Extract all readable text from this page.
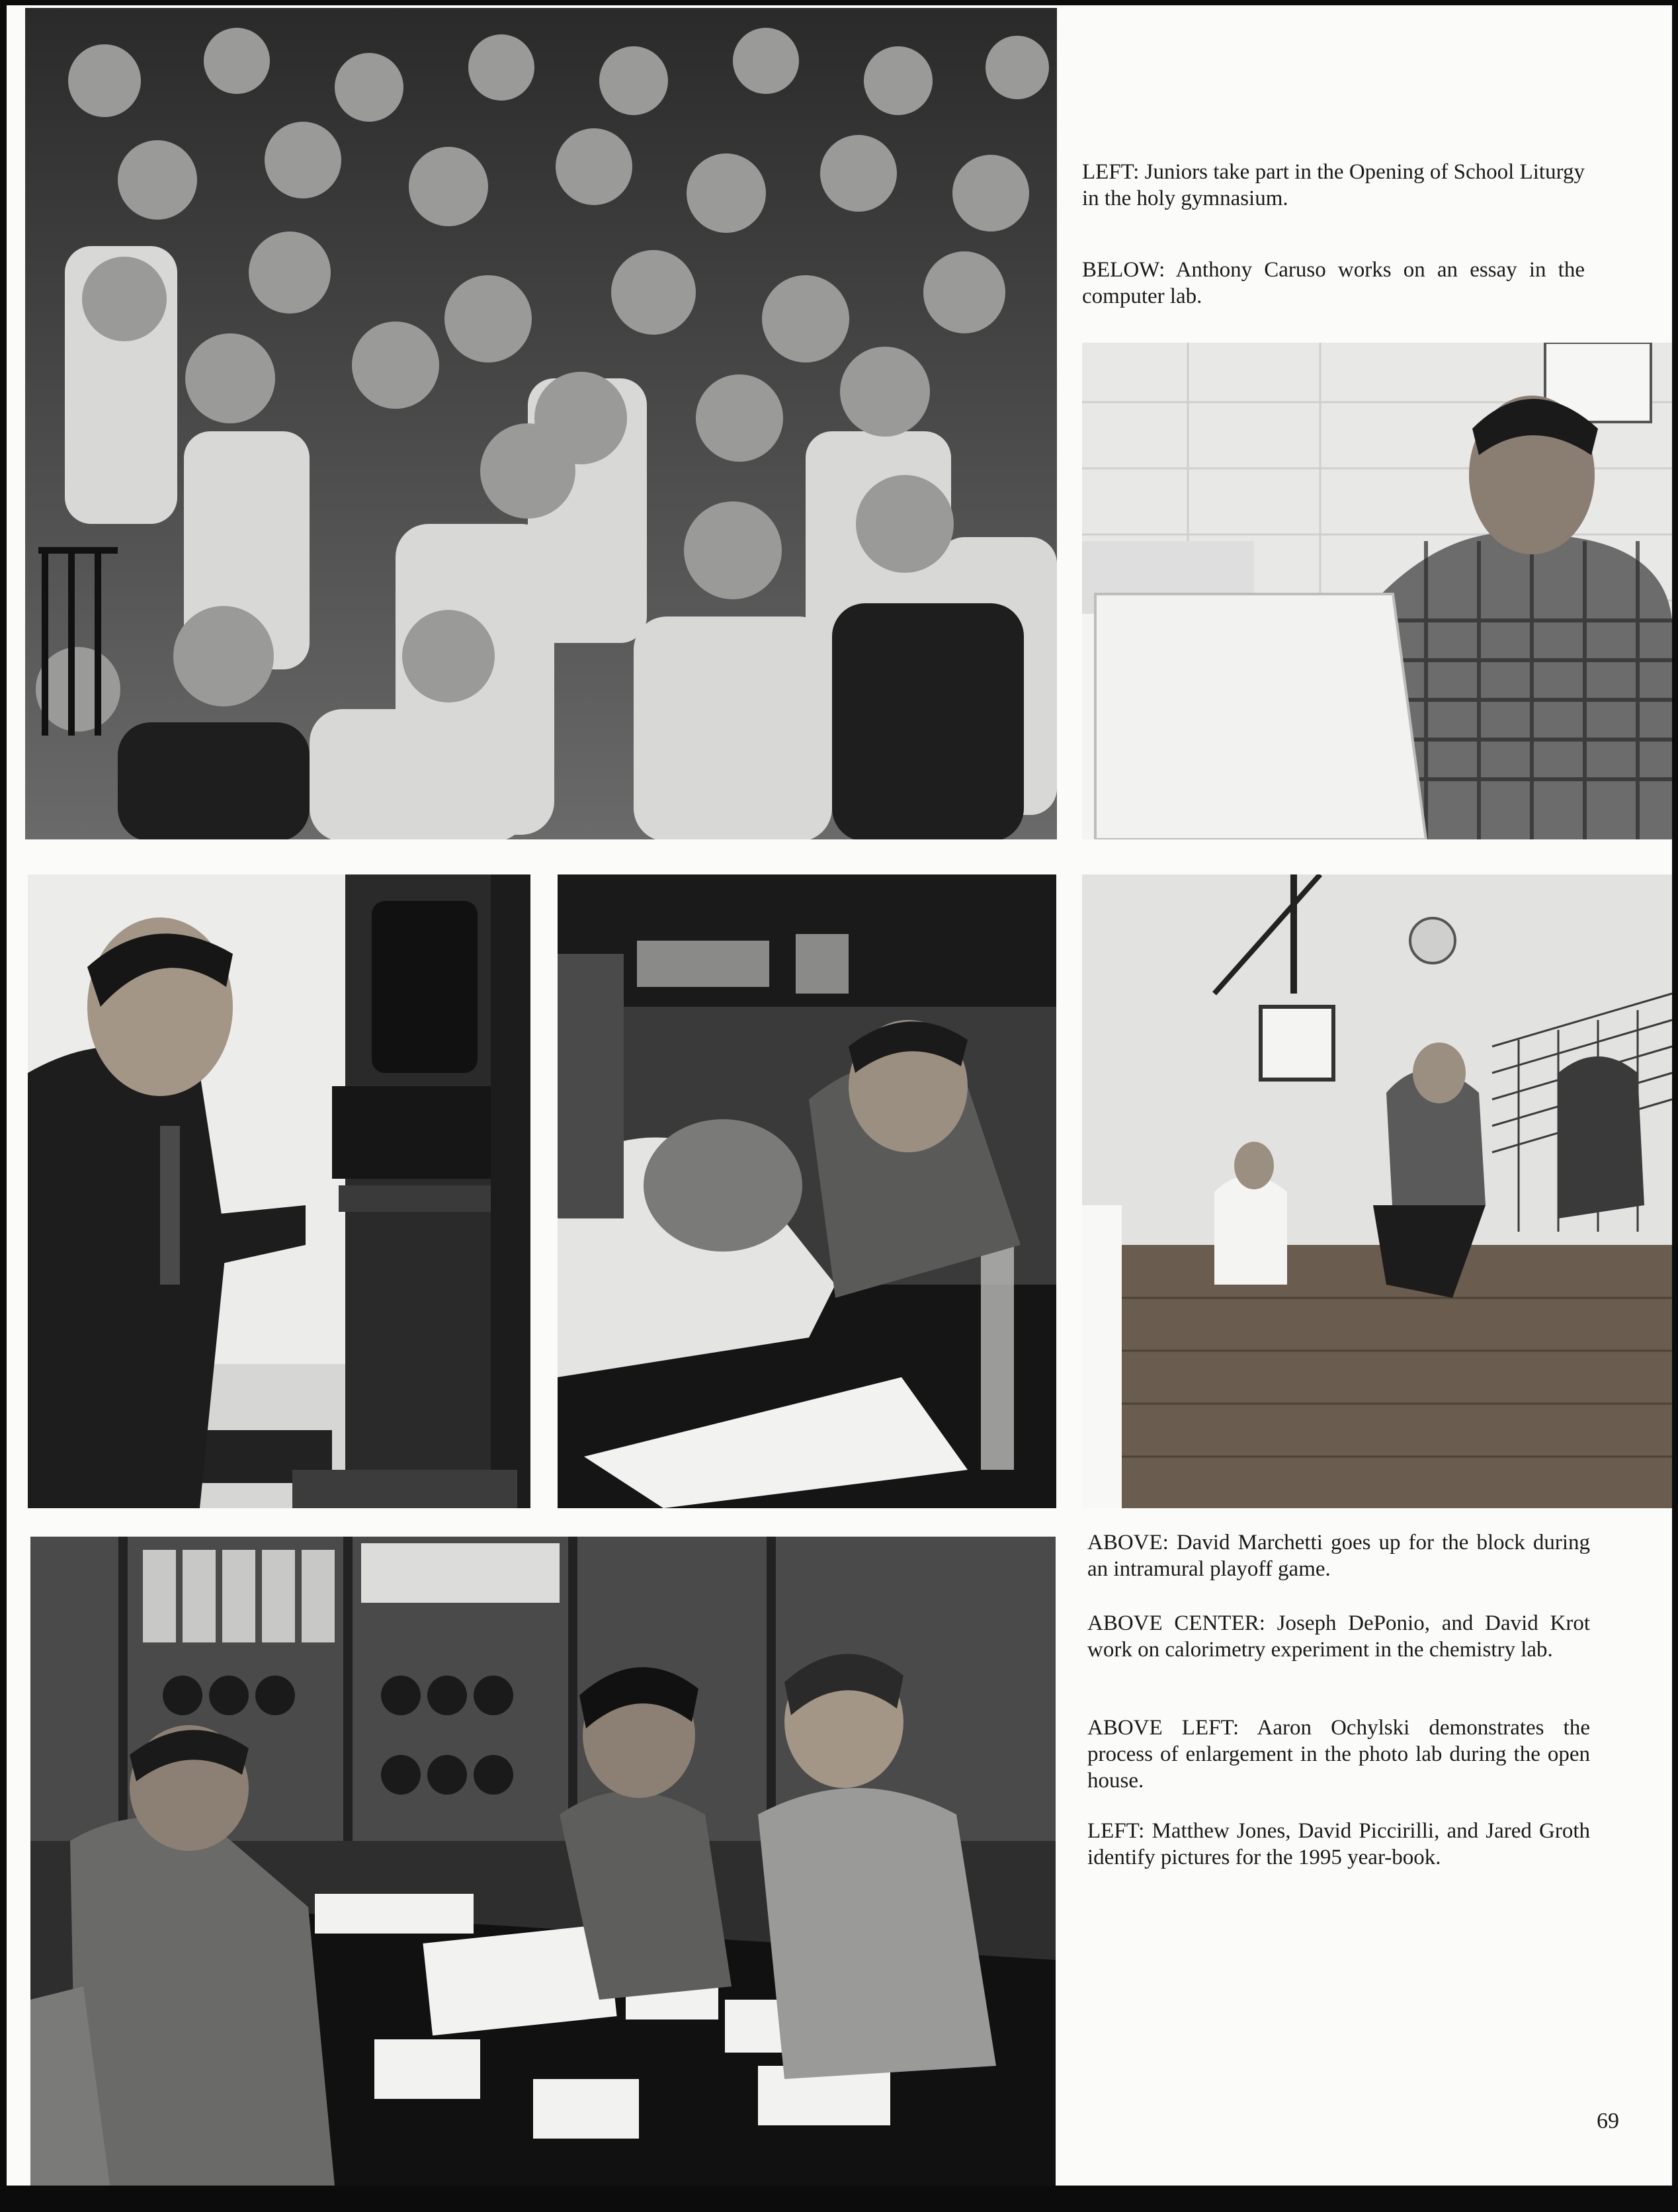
LEFT: Juniors take part in the Opening of School Liturgy in the holy gymnasium.

BELOW: Anthony Caruso works on an essay in the computer lab.

ABOVE: David Marchetti goes up for the block during an intramural playoff game.

ABOVE CENTER: Joseph DePonio, and David Krot work on calorimetry experiment in the chemistry lab.

ABOVE LEFT: Aaron Ochylski demonstrates the process of enlargement in the photo lab during the open house.

LEFT: Matthew Jones, David Piccirilli, and Jared Groth identify pictures for the 1995 year-book.

69
